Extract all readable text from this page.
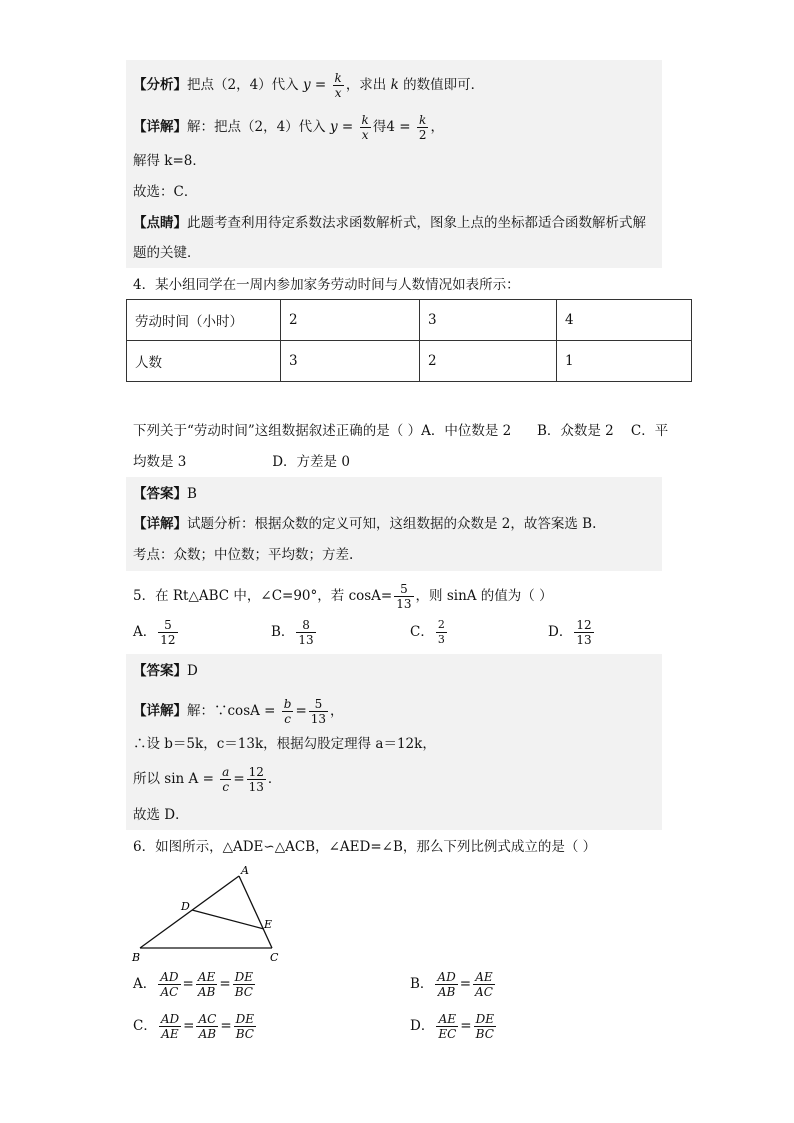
【分析】把点（2，4）代入 $y = \frac{k}{x}$ ，求出 k 的数值即可．
【详解】解：把点（2，4）代入 $y = \frac{k}{x}$ 得$4 = \frac{k}{2}$ ，
解得 k=8．
故选：C．
【点睛】此题考查利用待定系数法求函数解析式，图象上点的坐标都适合函数解析式解
题的关键．
4．某小组同学在一周内参加家务劳动时间与人数情况如表所示：
劳动时间（小时）	2	3	4
人数	3	2	1
下列关于“劳动时间”这组数据叙述正确的是（ ）A．中位数是 2      B．众数是 2    C．平
均数是 3                    D．方差是 0
【答案】B
【详解】试题分析：根据众数的定义可知，这组数据的众数是 2，故答案选 B.
考点：众数；中位数；平均数；方差.
5．在 Rt△ABC 中，∠C=90°，若 $\cos A= \frac{5}{13}$ ，则 sinA 的值为（ ）
A． $\frac{5}{12}$	B． $\frac{8}{13}$	C． $\frac{2}{3}$	D． $\frac{12}{13}$
【答案】D
【详解】解：∵cosA = $\frac{b}{c} = \frac{5}{13}$ ，
∴设 b＝5k，c＝13k，根据勾股定理得 a＝12k，
所以 $\sin A = \frac{a}{c} = \frac{12}{13}$ ．
故选 D．
6．如图所示，△ADE∽△ACB，∠AED=∠B，那么下列比例式成立的是（ ）
A
B	C
D
E
A． $\frac{AD}{AC} = \frac{AE}{AB} = \frac{DE}{BC}$	B． $\frac{AD}{AB} = \frac{AE}{AC}$
C． $\frac{AD}{AE} = \frac{AC}{AB} = \frac{DE}{BC}$	D． $\frac{AE}{EC} = \frac{DE}{BC}$
